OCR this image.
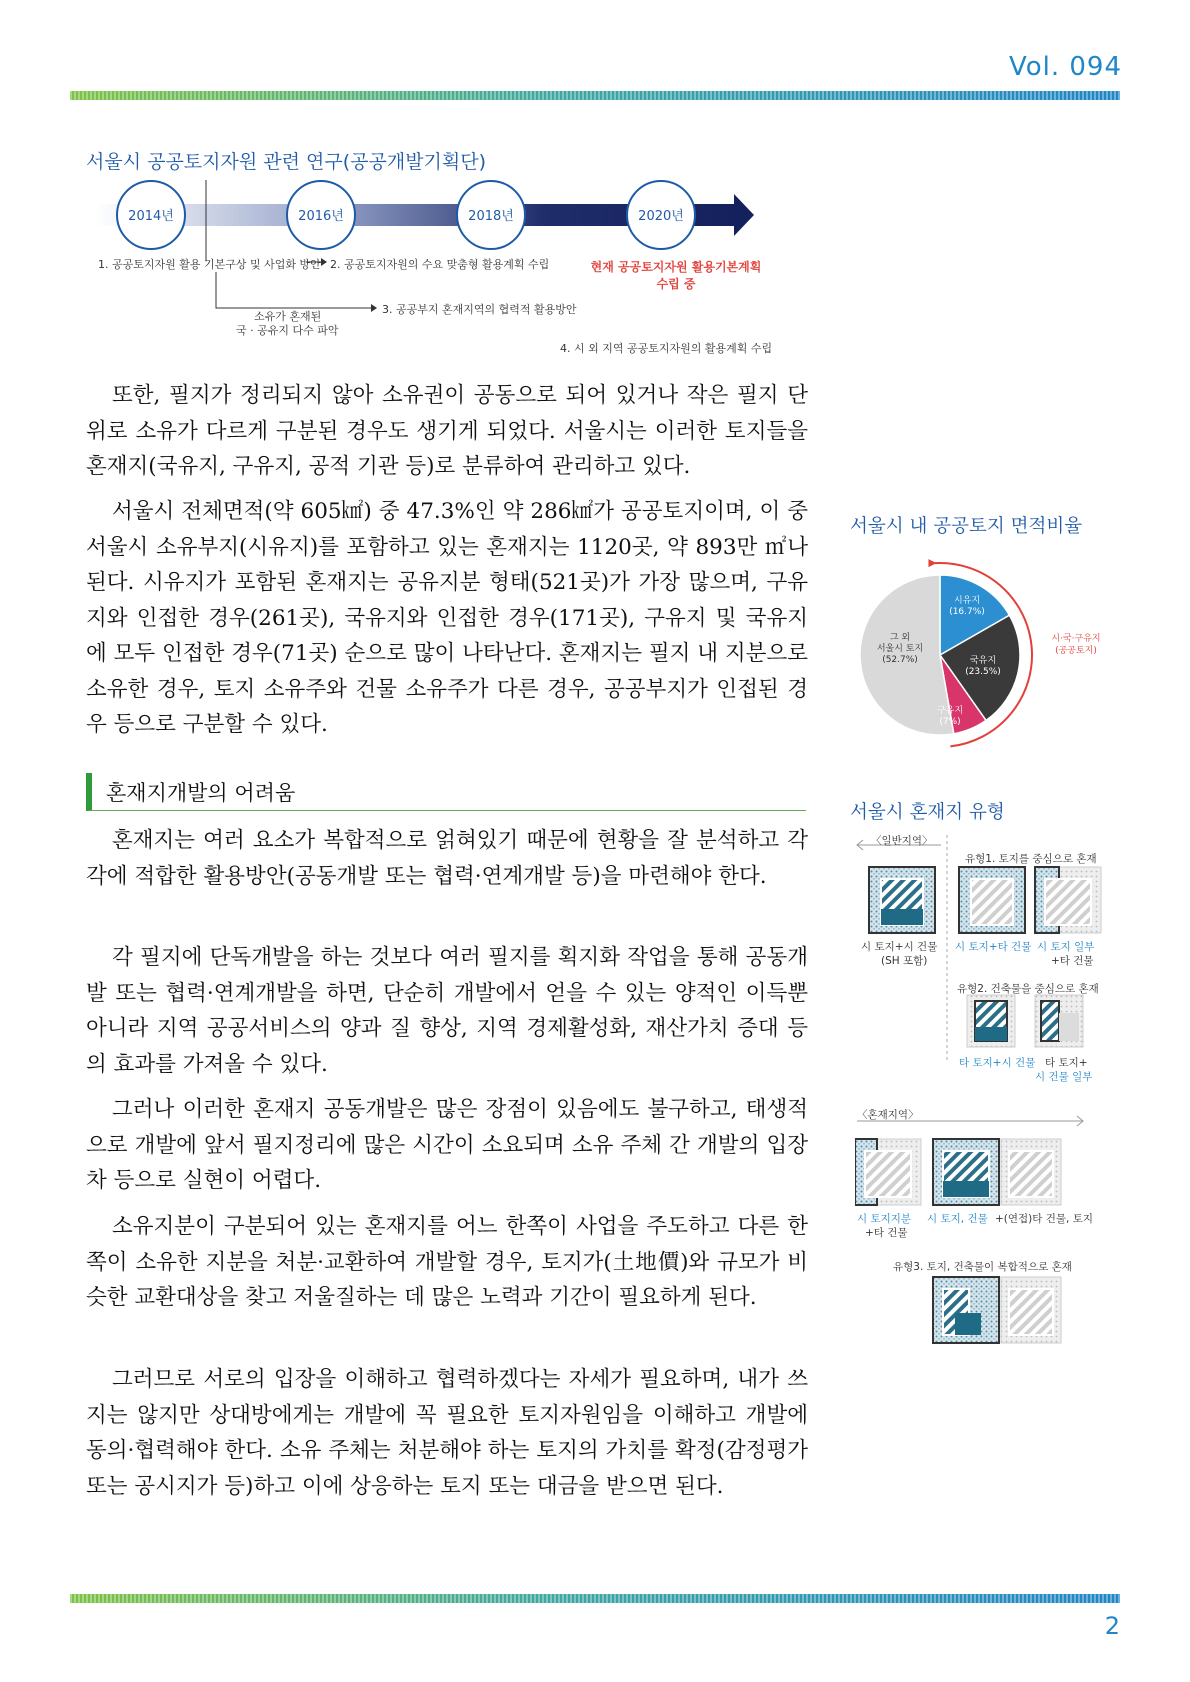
Vol. 094
서울시 공공토지자원 관련 연구(공공개발기획단)
2014년	2016년	2018년	2020년
1. 공공토지자원 활용 기본구상 및 사업화 방안 2. 공공토지자원의 수요 맞춤형 활용계획 수립
소유가 혼재된
국 · 공유지 다수 파악
3. 공공부지 혼재지역의 협력적 활용방안
4. 시 외 지역 공공토지자원의 활용계획 수립
현재 공공토지자원 활용기본계획
수립 중

또한, 필지가 정리되지 않아 소유권이 공동으로 되어 있거나 작은 필지 단위로 소유가 다르게 구분된 경우도 생기게 되었다. 서울시는 이러한 토지들을 혼재지(국유지, 구유지, 공적 기관 등)로 분류하여 관리하고 있다.

서울시 전체면적(약 605㎢) 중 47.3%인 약 286㎢가 공공토지이며, 이 중 서울시 소유부지(시유지)를 포함하고 있는 혼재지는 1120곳, 약 893만 ㎡나 된다. 시유지가 포함된 혼재지는 공유지분 형태(521곳)가 가장 많으며, 구유지와 인접한 경우(261곳), 국유지와 인접한 경우(171곳), 구유지 및 국유지에 모두 인접한 경우(71곳) 순으로 많이 나타난다. 혼재지는 필지 내 지분으로 소유한 경우, 토지 소유주와 건물 소유주가 다른 경우, 공공부지가 인접된 경우 등으로 구분할 수 있다.

혼재지개발의 어려움

혼재지는 여러 요소가 복합적으로 얽혀있기 때문에 현황을 잘 분석하고 각각에 적합한 활용방안(공동개발 또는 협력·연계개발 등)을 마련해야 한다.

각 필지에 단독개발을 하는 것보다 여러 필지를 획지화 작업을 통해 공동개발 또는 협력·연계개발을 하면, 단순히 개발에서 얻을 수 있는 양적인 이득뿐 아니라 지역 공공서비스의 양과 질 향상, 지역 경제활성화, 재산가치 증대 등의 효과를 가져올 수 있다.

그러나 이러한 혼재지 공동개발은 많은 장점이 있음에도 불구하고, 태생적으로 개발에 앞서 필지정리에 많은 시간이 소요되며 소유 주체 간 개발의 입장 차 등으로 실현이 어렵다.

소유지분이 구분되어 있는 혼재지를 어느 한쪽이 사업을 주도하고 다른 한쪽이 소유한 지분을 처분·교환하여 개발할 경우, 토지가(土地價)와 규모가 비슷한 교환대상을 찾고 저울질하는 데 많은 노력과 기간이 필요하게 된다.

그러므로 서로의 입장을 이해하고 협력하겠다는 자세가 필요하며, 내가 쓰지는 않지만 상대방에게는 개발에 꼭 필요한 토지자원임을 이해하고 개발에 동의·협력해야 한다. 소유 주체는 처분해야 하는 토지의 가치를 확정(감정평가 또는 공시지가 등)하고 이에 상응하는 토지 또는 대금을 받으면 된다.

서울시 내 공공토지 면적비율
시유지
(16.7%)
국유지
(23.5%)
구유지
(7%)
그 외
서울시 토지
(52.7%)
시·국·구유지
(공공토지)
서울시 혼재지 유형
〈일반지역〉
유형1. 토지를 중심으로 혼재
시 토지+시 건물
(SH 포함)
시 토지+타 건물 시 토지 일부
+타 건물
유형2. 건축물을 중심으로 혼재
타 토지+시 건물 타 토지+
시 건물 일부
〈혼재지역〉
시 토지지분
+타 건물
시 토지, 건물 +(연접)타 건물, 토지
유형3. 토지, 건축물이 복합적으로 혼재
2
